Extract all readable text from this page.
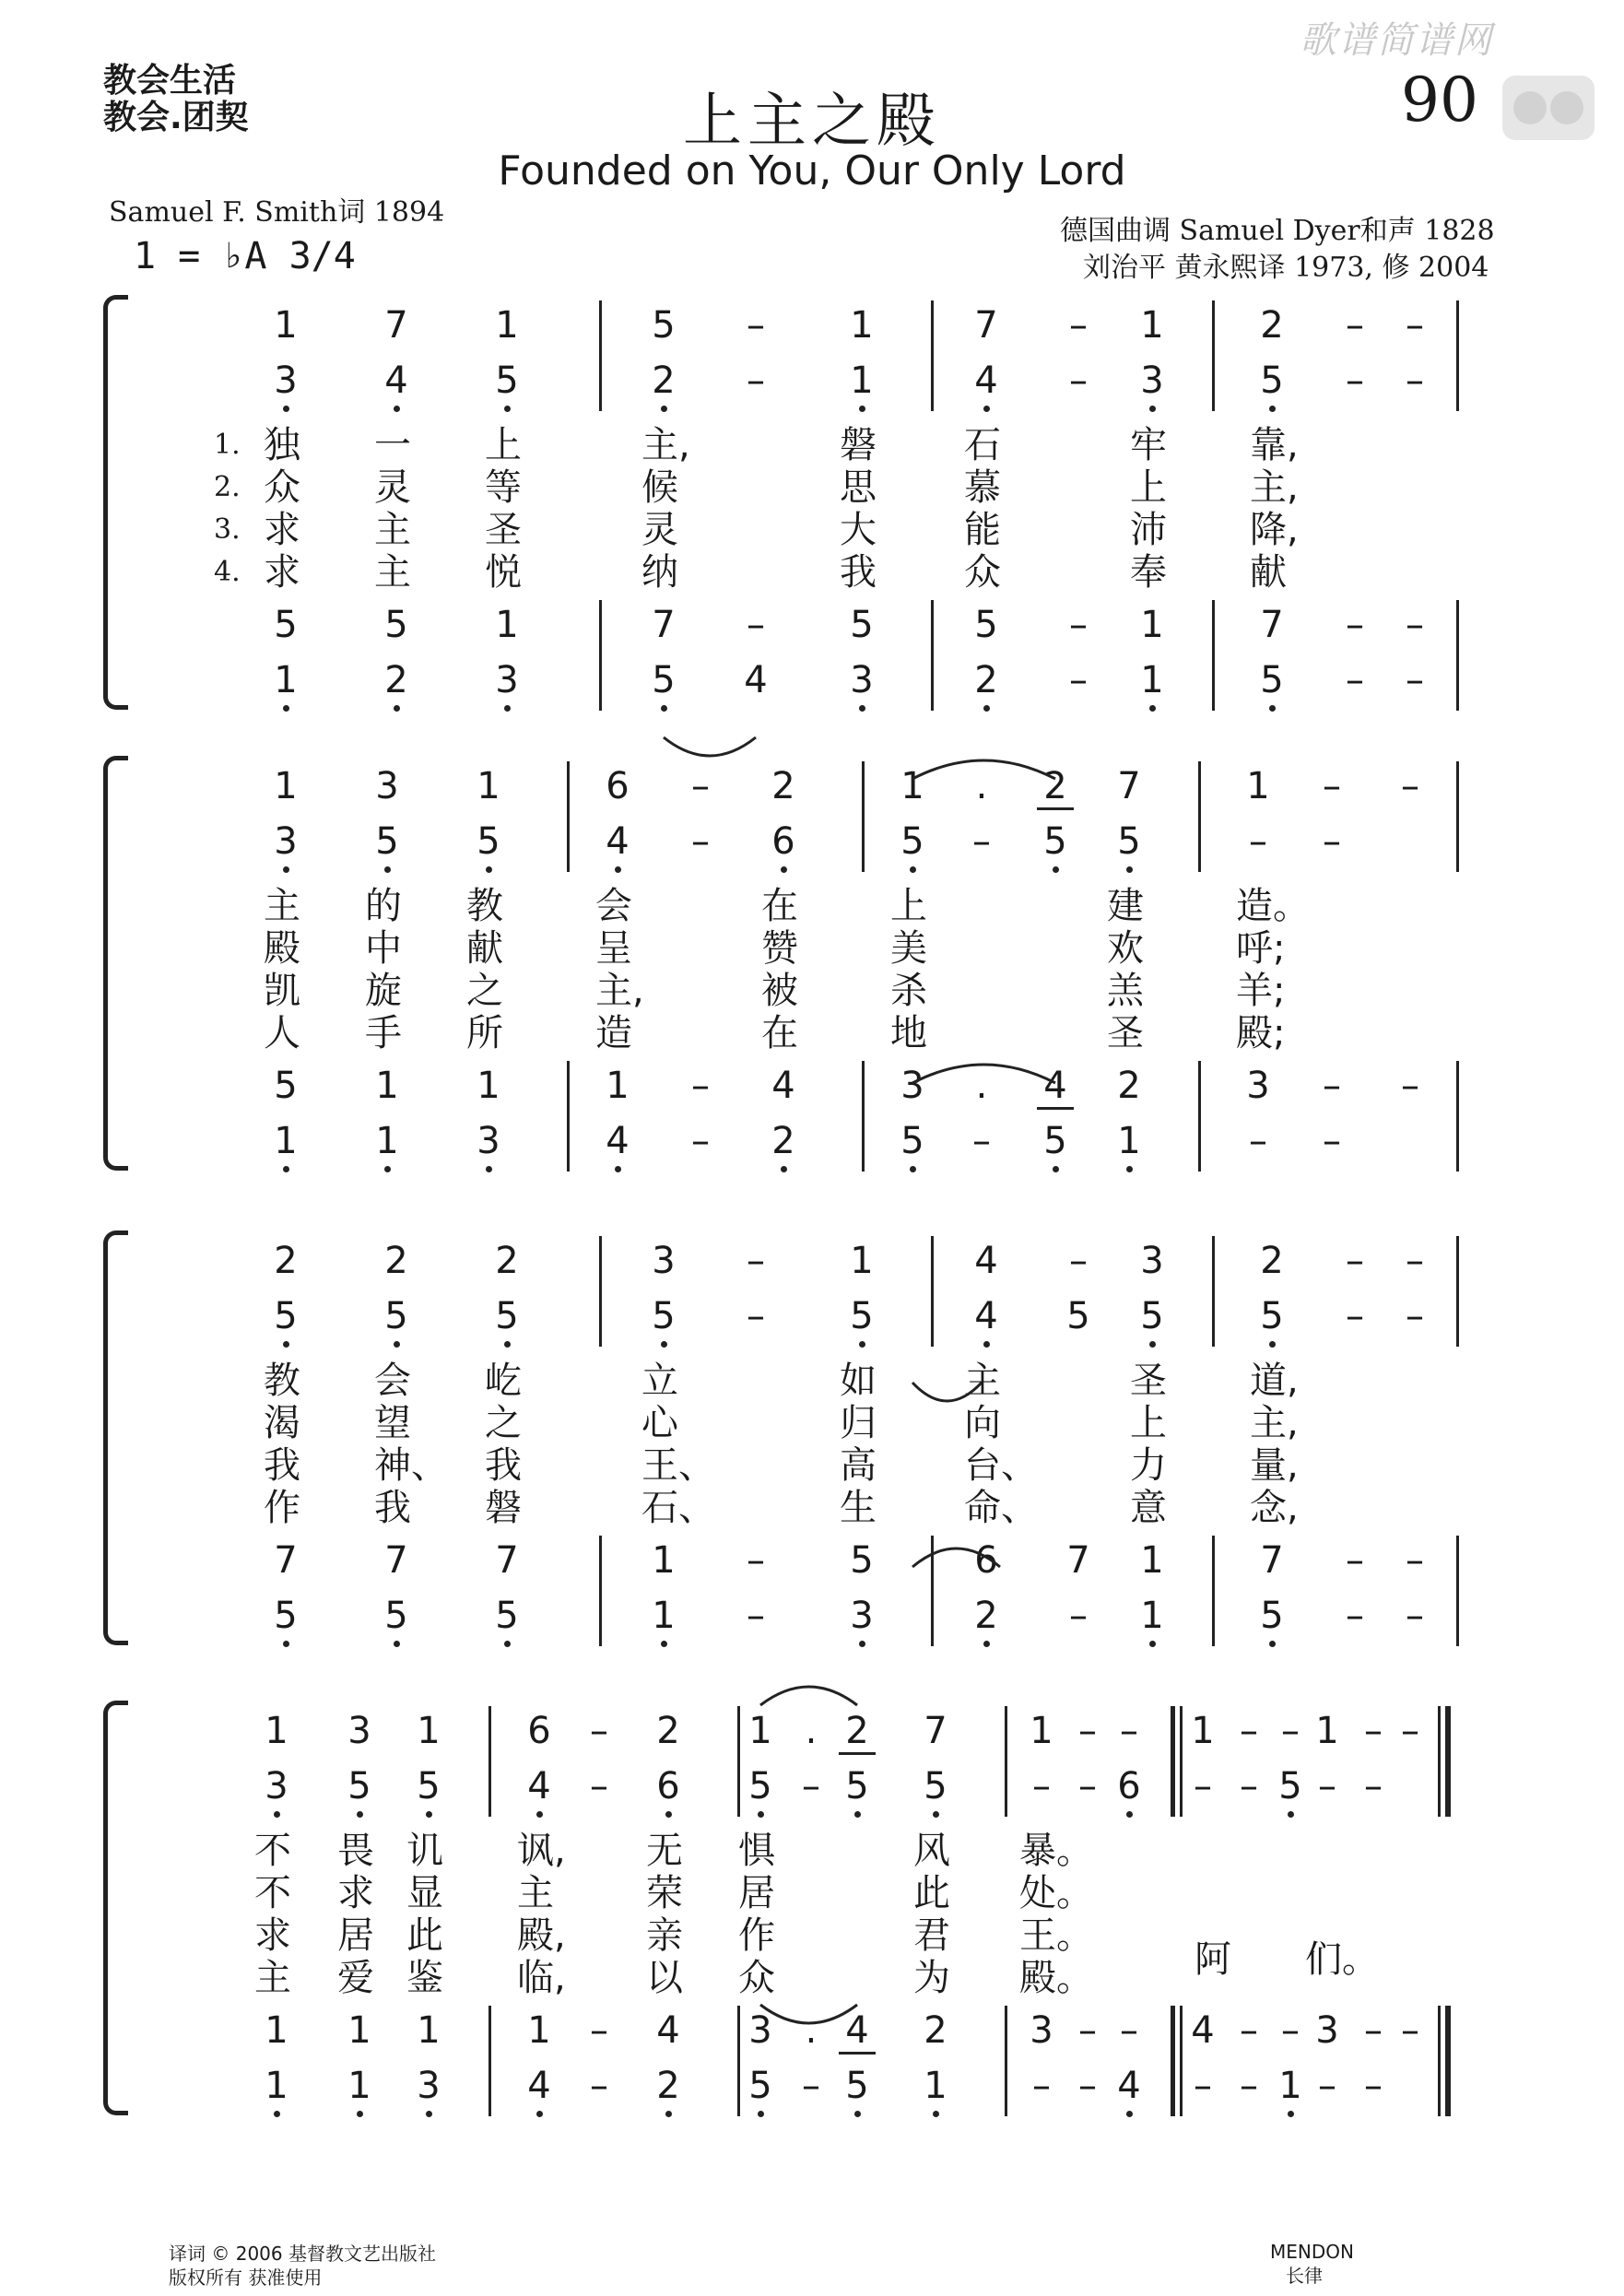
教会生活
教会.团契	上主之殿
Founded on You, Our Only Lord
90
歌谱简谱网
Samuel F. Smith词 1894
1 = ♭A 3/4
德国曲调 Samuel Dyer和声 1828
刘治平 黄永熙译 1973, 修 2004
1	7	1	5	–	1	7	–	1	2	–	–
3	4	5	2	–	1	4	–	3	5	–	–
5	5	1	7	–	5	5	–	1	7	–	–
1	2	3	5	4	3	2	–	1	5	–	–
1.
2.
3.
4.
独	一	上	主,	磐	石	牢	靠,
众	灵	等	候	思	慕	上	主,
求	主	圣	灵	大	能	沛	降,
求	主	悦	纳	我	众	奉	献
1	3	1	6	–	2	1	.	2	7	1	–	–
3	5	5	4	–	6	5	–	5	5	–	–
5	1	1	1	–	4	3	.	4	2	3	–	–
1	1	3	4	–	2	5	–	5	1	–	–
主	的	教	会	在	上	建	造。
殿	中	献	呈	赞	美	欢	呼;
凯	旋	之	主,	被	杀	羔	羊;
人	手	所	造	在	地	圣	殿;
2	2	2	3	–	1	4	–	3	2	–	–
5	5	5	5	–	5	4	5	5	5	–	–
7	7	7	1	–	5	6	7	1	7	–	–
5	5	5	1	–	3	2	–	1	5	–	–
教	会	屹	立	如	主	圣	道,
渴	望	之	心	归	向	上	主,
我	神、 我	王、	高	台、	力	量,
作	我	磐	石、	生	命、	意	念,
1	3	1	6	–	2	1 . 2	7	1 – –	1 – – 1 – –
3	5	5	4	–	6	5 – 5	5	– – 6	– – 5 – –
1	1	1	1	–	4	3 . 4	2	3 – –	4 – – 3 – –
1	1	3	4	–	2	5 – 5	1	– – 4	– – 1 – –
不	畏 讥	讽,	无	惧	风	暴。
不	求 显	主	荣	居	此	处。
求	居 此	殿,	亲	作	君	王。
主	爱 鉴	临,	以	众	为	殿。	阿	们。
译词 © 2006 基督教文艺出版社
版权所有 获准使用
MENDON
长律
